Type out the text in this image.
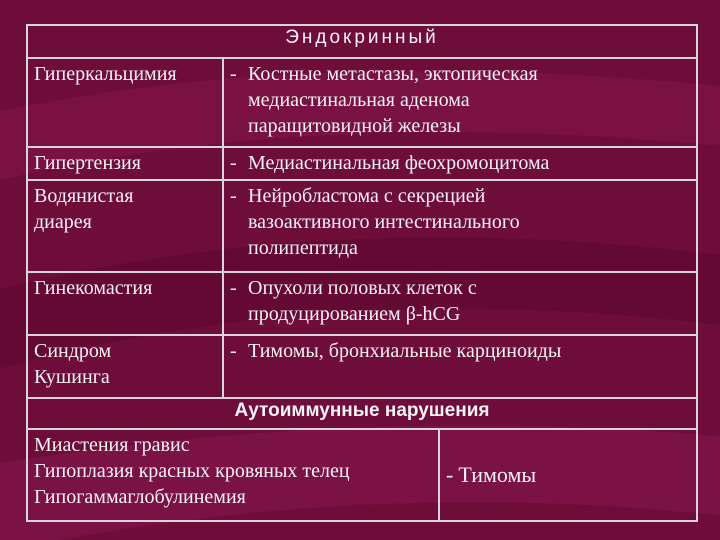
Эндокринный		
Гиперкальцимия	- Костные метастазы, эктопическая
медиастинальная аденома
паращитовидной железы	

Гипертензия	- Медиастинальная феохромоцитома	

Водянистая
диарея	- Нейробластома с секрецией
вазоактивного интестинального
полипептида	

Гинекомастия	- Опухоли половых клеток с
продуцированием β-hCG	

Синдром
Кушинга	- Тимомы, бронхиальные карциноиды	

Аутоиммунные нарушения		
Миастения гравис
Гипоплазия красных кровяных телец
Гипогаммаглобулинемия		- Тимомы
